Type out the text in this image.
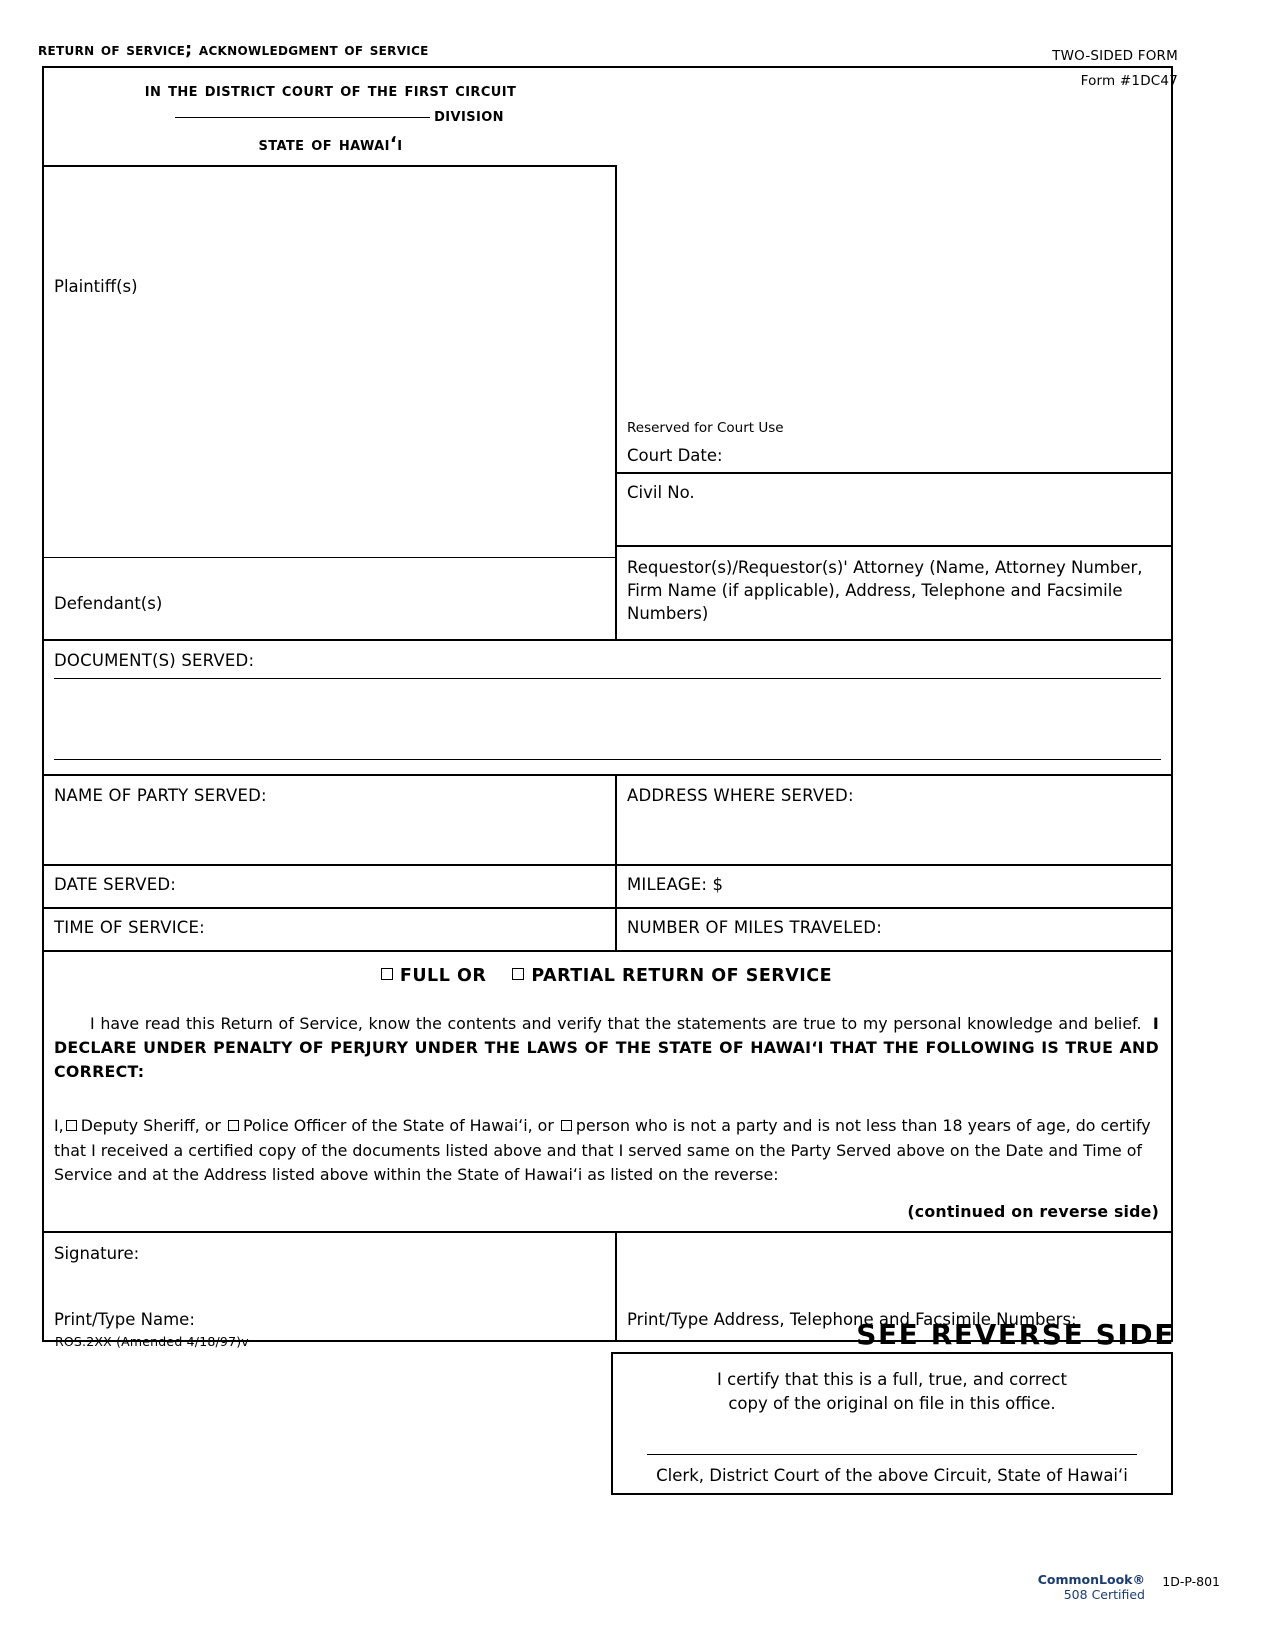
return of service; acknowledgment of service	TWO-SIDED FORM
Form #1DC47
in the district court of the first circuit
division
state of hawaiʻi
Plaintiff(s)
Defendant(s)
Reserved for Court Use
Court Date:
Civil No.
Requestor(s)/Requestor(s)' Attorney (Name, Attorney Number, Firm Name (if applicable), Address, Telephone and Facsimile Numbers)
DOCUMENT(S) SERVED:
NAME OF PARTY SERVED:	ADDRESS WHERE SERVED:
DATE SERVED:	MILEAGE: $
TIME OF SERVICE:	NUMBER OF MILES TRAVELED:
FULL OR	PARTIAL RETURN OF SERVICE

I have read this Return of Service, know the contents and verify that the statements are true to my personal knowledge and belief. I DECLARE UNDER PENALTY OF PERJURY UNDER THE LAWS OF THE STATE OF HAWAIʻI THAT THE FOLLOWING IS TRUE AND CORRECT:

I, Deputy Sheriff, or Police Officer of the State of Hawaiʻi, or person who is not a party and is not less than 18 years of age, do certify that I received a certified copy of the documents listed above and that I served same on the Party Served above on the Date and Time of Service and at the Address listed above within the State of Hawaiʻi as listed on the reverse:

(continued on reverse side)
Signature:
Print/Type Name:	Print/Type Address, Telephone and Facsimile Numbers:
ROS.2XX (Amended 4/18/97)v	SEE REVERSE SIDE
I certify that this is a full, true, and correct
copy of the original on file in this office.
Clerk, District Court of the above Circuit, State of Hawaiʻi
CommonLook®
508 Certified
1D-P-801
